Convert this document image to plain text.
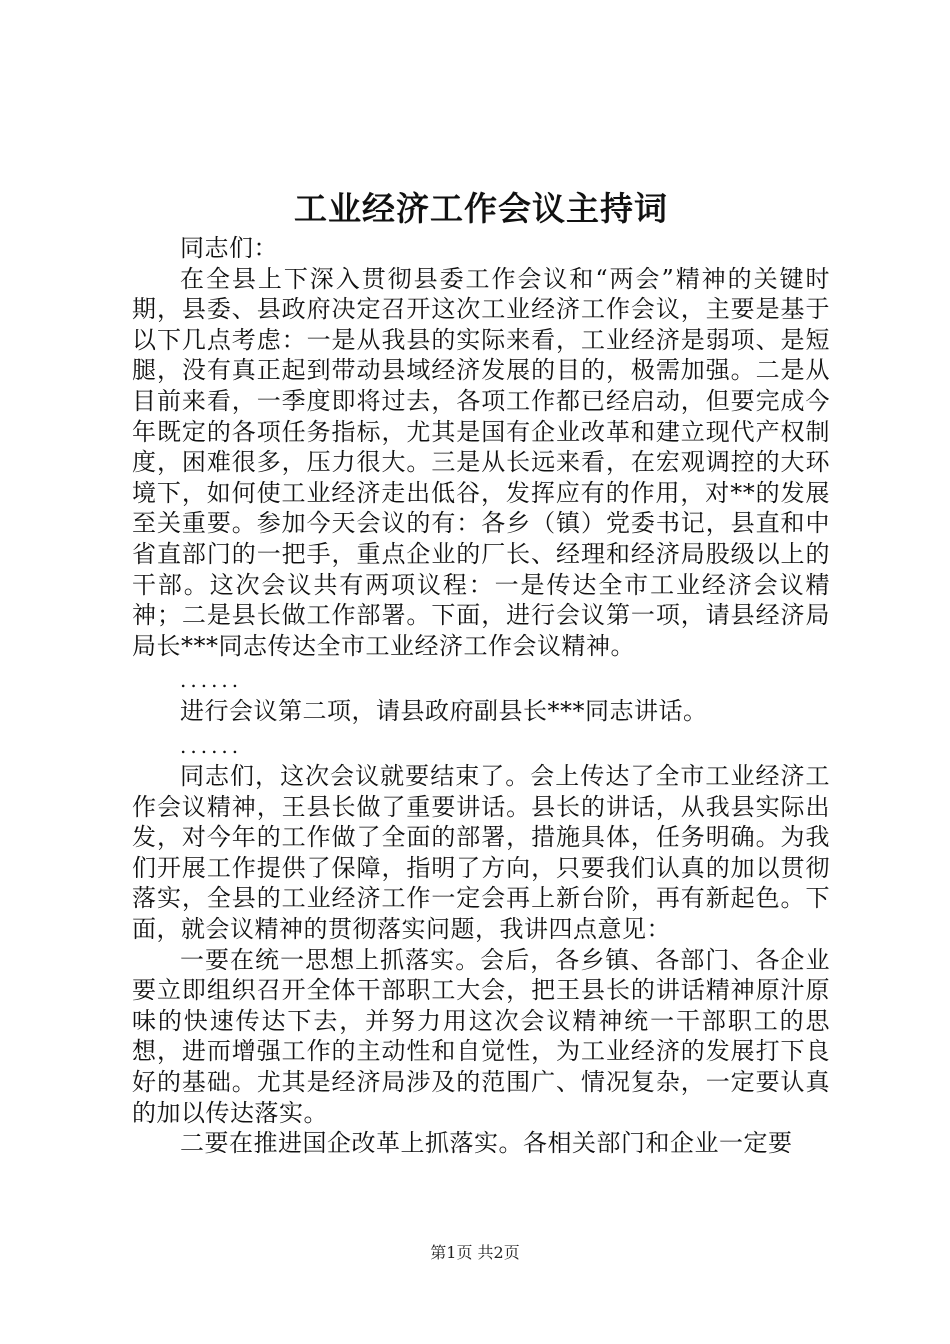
工业经济工作会议主持词

同志们：

在全县上下深入贯彻县委工作会议和“两会”精神的关键时期，县委、县政府决定召开这次工业经济工作会议，主要是基于以下几点考虑：一是从我县的实际来看，工业经济是弱项、是短腿，没有真正起到带动县域经济发展的目的，极需加强。二是从目前来看，一季度即将过去，各项工作都已经启动，但要完成今年既定的各项任务指标，尤其是国有企业改革和建立现代产权制度，困难很多，压力很大。三是从长远来看，在宏观调控的大环境下，如何使工业经济走出低谷，发挥应有的作用，对**的发展至关重要。参加今天会议的有：各乡（镇）党委书记，县直和中省直部门的一把手，重点企业的厂长、经理和经济局股级以上的干部。这次会议共有两项议程：一是传达全市工业经济会议精神；二是县长做工作部署。下面，进行会议第一项，请县经济局局长***同志传达全市工业经济工作会议精神。

......

进行会议第二项，请县政府副县长***同志讲话。

......

同志们，这次会议就要结束了。会上传达了全市工业经济工作会议精神，王县长做了重要讲话。县长的讲话，从我县实际出发，对今年的工作做了全面的部署，措施具体，任务明确。为我们开展工作提供了保障，指明了方向，只要我们认真的加以贯彻落实，全县的工业经济工作一定会再上新台阶，再有新起色。下面，就会议精神的贯彻落实问题，我讲四点意见：

一要在统一思想上抓落实。会后，各乡镇、各部门、各企业要立即组织召开全体干部职工大会，把王县长的讲话精神原汁原味的快速传达下去，并努力用这次会议精神统一干部职工的思想，进而增强工作的主动性和自觉性，为工业经济的发展打下良好的基础。尤其是经济局涉及的范围广、情况复杂，一定要认真的加以传达落实。

二要在推进国企改革上抓落实。各相关部门和企业一定要

第1页 共2页
